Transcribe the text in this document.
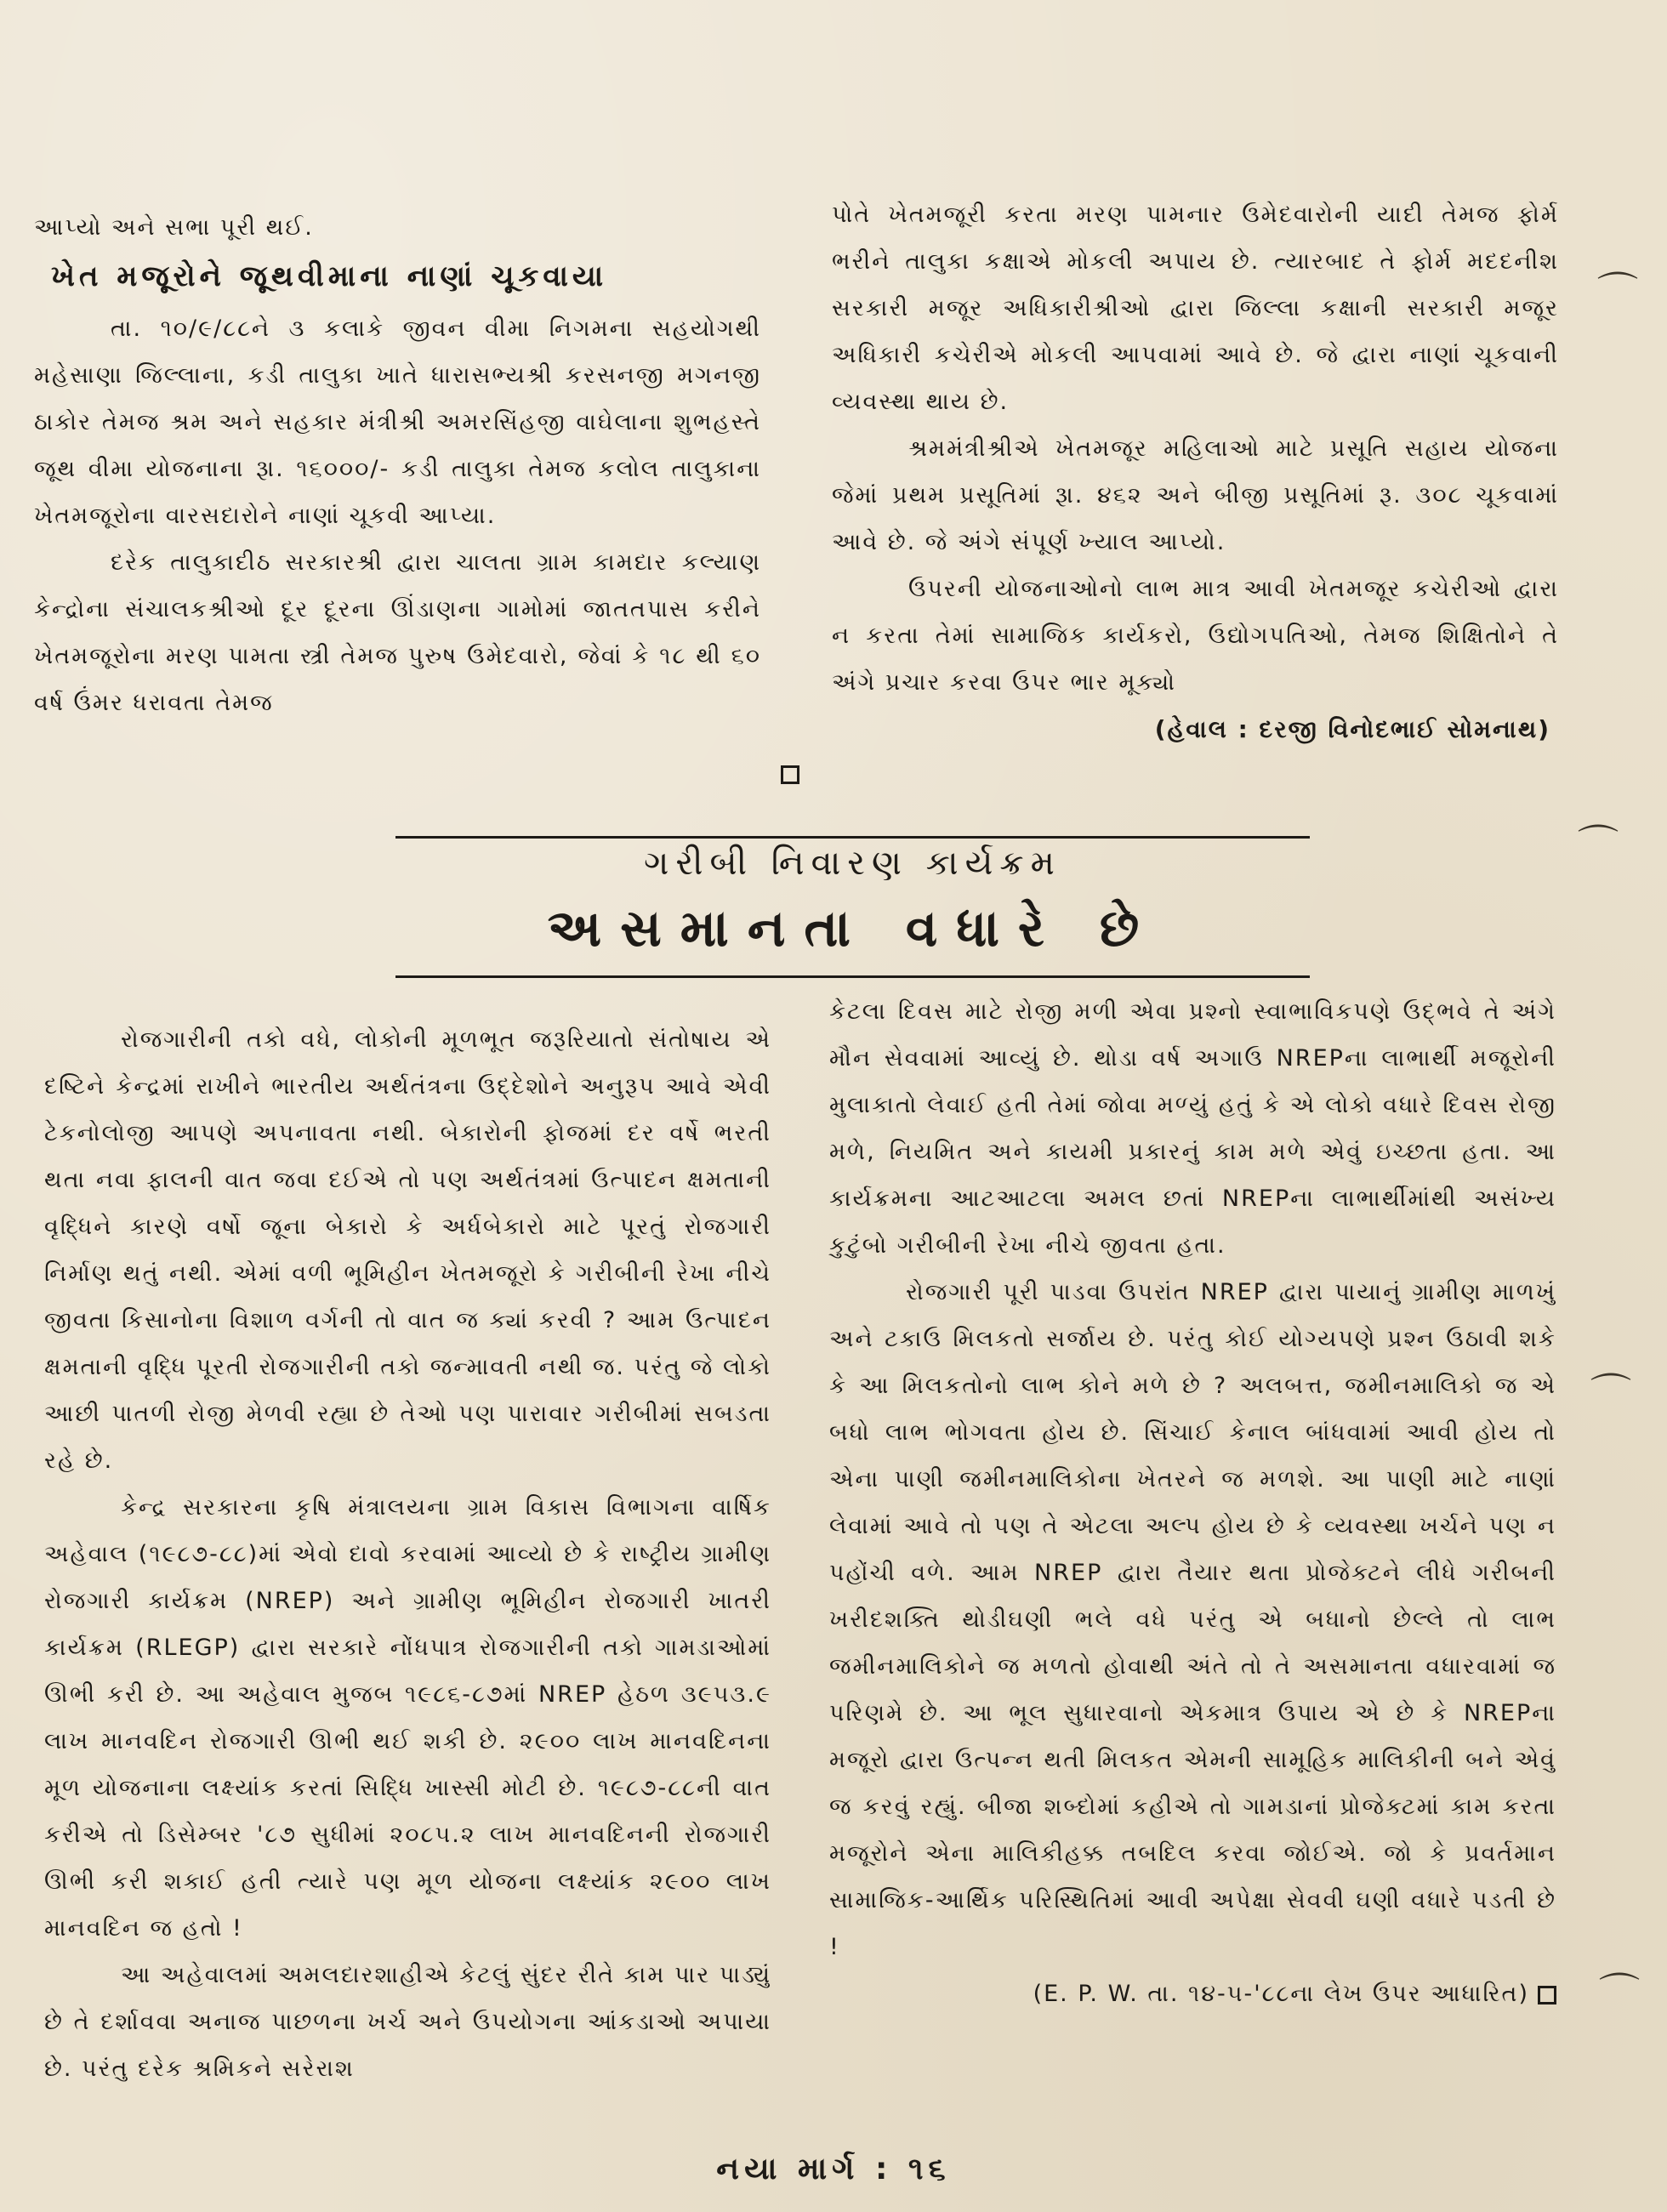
આપ્યો અને સભા પૂરી થઈ.

ખેત મજૂરોને જૂથવીમાના નાણાં ચૂકવાયા

તા. ૧૦/૯/૮૮ને ૩ કલાકે જીવન વીમા નિગમના સહયોગથી મહેસાણા જિલ્લાના, કડી તાલુકા ખાતે ધારાસભ્યશ્રી કરસનજી મગનજી ઠાકોર તેમજ શ્રમ અને સહકાર મંત્રીશ્રી અમરસિંહજી વાઘેલાના શુભહસ્તે જૂથ વીમા યોજનાના રૂા. ૧૬૦૦૦/- કડી તાલુકા તેમજ કલોલ તાલુકાના ખેતમજૂરોના વારસદારોને નાણાં ચૂકવી આપ્યા.

દરેક તાલુકાદીઠ સરકારશ્રી દ્વારા ચાલતા ગ્રામ કામદાર કલ્યાણ કેન્દ્રોના સંચાલકશ્રીઓ દૂર દૂરના ઊંડાણના ગામોમાં જાતતપાસ કરીને ખેતમજૂરોના મરણ પામતા સ્ત્રી તેમજ પુરુષ ઉમેદવારો, જેવાં કે ૧૮ થી ૬૦ વર્ષ ઉંમર ધરાવતા તેમજ

પોતે ખેતમજૂરી કરતા મરણ પામનાર ઉમેદવારોની યાદી તેમજ ફોર્મ ભરીને તાલુકા કક્ષાએ મોકલી અપાય છે. ત્યારબાદ તે ફોર્મ મદદનીશ સરકારી મજૂર અધિકારીશ્રીઓ દ્વારા જિલ્લા કક્ષાની સરકારી મજૂર અધિકારી કચેરીએ મોકલી આપવામાં આવે છે. જે દ્વારા નાણાં ચૂકવાની વ્યવસ્થા થાય છે.

શ્રમમંત્રીશ્રીએ ખેતમજૂર મહિલાઓ માટે પ્રસૂતિ સહાય યોજના જેમાં પ્રથમ પ્રસૂતિમાં રૂા. ૪૬૨ અને બીજી પ્રસૂતિમાં રૂ. ૩૦૮ ચૂકવામાં આવે છે. જે અંગે સંપૂર્ણ ખ્યાલ આપ્યો.

ઉપરની યોજનાઓનો લાભ માત્ર આવી ખેતમજૂર કચેરીઓ દ્વારા ન કરતા તેમાં સામાજિક કાર્યકરો, ઉદ્યોગપતિઓ, તેમજ શિક્ષિતોને તે અંગે પ્રચાર કરવા ઉપર ભાર મૂક્યો

(હેવાલ : દરજી વિનોદભાઈ સોમનાથ)
ગરીબી નિવારણ કાર્યક્રમ
અસમાનતા વધારે છે

રોજગારીની તકો વધે, લોકોની મૂળભૂત જરૂરિયાતો સંતોષાય એ દષ્ટિને કેન્દ્રમાં રાખીને ભારતીય અર્થતંત્રના ઉદ્દેશોને અનુરૂપ આવે એવી ટેકનોલોજી આપણે અપનાવતા નથી. બેકારોની ફોજમાં દર વર્ષે ભરતી થતા નવા ફાલની વાત જવા દઈએ તો પણ અર્થતંત્રમાં ઉત્પાદન ક્ષમતાની વૃદ્ધિને કારણે વર્ષો જૂના બેકારો કે અર્ધબેકારો માટે પૂરતું રોજગારી નિર્માણ થતું નથી. એમાં વળી ભૂમિહીન ખેતમજૂરો કે ગરીબીની રેખા નીચે જીવતા કિસાનોના વિશાળ વર્ગની તો વાત જ ક્યાં કરવી ? આમ ઉત્પાદન ક્ષમતાની વૃદ્ધિ પૂરતી રોજગારીની તકો જન્માવતી નથી જ. પરંતુ જે લોકો આછી પાતળી રોજી મેળવી રહ્યા છે તેઓ પણ પારાવાર ગરીબીમાં સબડતા રહે છે.

કેન્દ્ર સરકારના કૃષિ મંત્રાલયના ગ્રામ વિકાસ વિભાગના વાર્ષિક અહેવાલ (૧૯૮૭-૮૮)માં એવો દાવો કરવામાં આવ્યો છે કે રાષ્ટ્રીય ગ્રામીણ રોજગારી કાર્યક્રમ (NREP) અને ગ્રામીણ ભૂમિહીન રોજગારી ખાતરી કાર્યક્રમ (RLEGP) દ્વારા સરકારે નોંધપાત્ર રોજગારીની તકો ગામડાઓમાં ઊભી કરી છે. આ અહેવાલ મુજબ ૧૯૮૬-૮૭માં NREP હેઠળ ૩૯૫૩.૯ લાખ માનવદિન રોજગારી ઊભી થઈ શકી છે. ૨૯૦૦ લાખ માનવદિનના મૂળ યોજનાના લક્ષ્યાંક કરતાં સિદ્ધિ ખાસ્સી મોટી છે. ૧૯૮૭-૮૮ની વાત કરીએ તો ડિસેમ્બર '૮૭ સુધીમાં ૨૦૮૫.૨ લાખ માનવદિનની રોજગારી ઊભી કરી શકાઈ હતી ત્યારે પણ મૂળ યોજના લક્ષ્યાંક ૨૯૦૦ લાખ માનવદિન જ હતો !

આ અહેવાલમાં અમલદારશાહીએ કેટલું સુંદર રીતે કામ પાર પાડ્યું છે તે દર્શાવવા અનાજ પાછળના ખર્ચ અને ઉપયોગના આંકડાઓ અપાયા છે. પરંતુ દરેક શ્રમિકને સરેરાશ

કેટલા દિવસ માટે રોજી મળી એવા પ્રશ્નો સ્વાભાવિકપણે ઉદ્ભવે તે અંગે મૌન સેવવામાં આવ્યું છે. થોડા વર્ષ અગાઉ NREPના લાભાર્થી મજૂરોની મુલાકાતો લેવાઈ હતી તેમાં જોવા મળ્યું હતું કે એ લોકો વધારે દિવસ રોજી મળે, નિયમિત અને કાયમી પ્રકારનું કામ મળે એવું ઇચ્છતા હતા. આ કાર્યક્રમના આટઆટલા અમલ છતાં NREPના લાભાર્થીમાંથી અસંખ્ય કુટુંબો ગરીબીની રેખા નીચે જીવતા હતા.

રોજગારી પૂરી પાડવા ઉપરાંત NREP દ્વારા પાયાનું ગ્રામીણ માળખું અને ટકાઉ મિલકતો સર્જાય છે. પરંતુ કોઈ યોગ્યપણે પ્રશ્ન ઉઠાવી શકે કે આ મિલકતોનો લાભ કોને મળે છે ? અલબત્ત, જમીનમાલિકો જ એ બધો લાભ ભોગવતા હોય છે. સિંચાઈ કેનાલ બાંધવામાં આવી હોય તો એના પાણી જમીનમાલિકોના ખેતરને જ મળશે. આ પાણી માટે નાણાં લેવામાં આવે તો પણ તે એટલા અલ્પ હોય છે કે વ્યવસ્થા ખર્ચને પણ ન પહોંચી વળે. આમ NREP દ્વારા તૈયાર થતા પ્રોજેક્ટને લીધે ગરીબની ખરીદશક્તિ થોડીઘણી ભલે વધે પરંતુ એ બધાનો છેલ્લે તો લાભ જમીનમાલિકોને જ મળતો હોવાથી અંતે તો તે અસમાનતા વધારવામાં જ પરિણમે છે. આ ભૂલ સુધારવાનો એકમાત્ર ઉપાય એ છે કે NREPના મજૂરો દ્વારા ઉત્પન્ન થતી મિલકત એમની સામૂહિક માલિકીની બને એવું જ કરવું રહ્યું. બીજા શબ્દોમાં કહીએ તો ગામડાનાં પ્રોજેક્ટમાં કામ કરતા મજૂરોને એના માલિકીહક્ક તબદિલ કરવા જોઈએ. જો કે પ્રવર્તમાન સામાજિક-આર્થિક પરિસ્થિતિમાં આવી અપેક્ષા સેવવી ઘણી વધારે પડતી છે !

(E. P. W. તા. ૧૪-૫-'૮૮ના લેખ ઉપર આધારિત)
નયા માર્ગ : ૧૬
⌒
⌒
⌒
⌒
